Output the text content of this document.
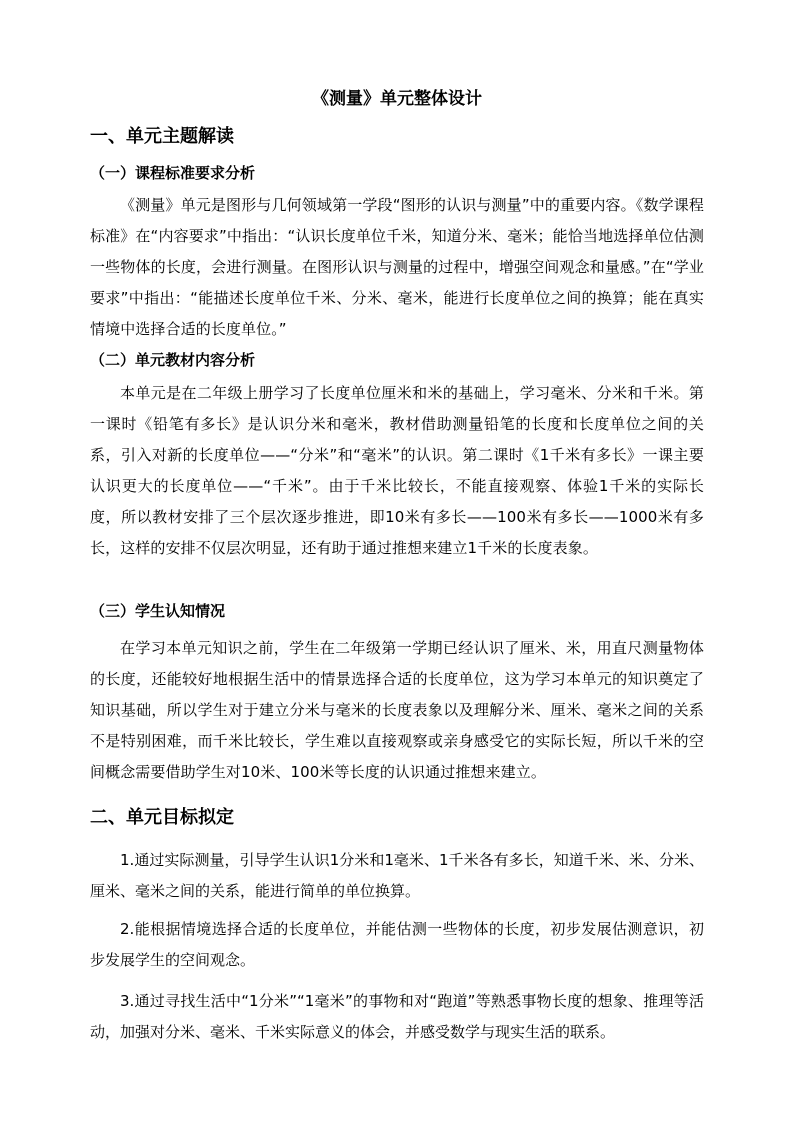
《测量》单元整体设计
一、单元主题解读
（一）课程标准要求分析
《测量》单元是图形与几何领域第一学段“图形的认识与测量”中的重要内容。《数学课程标准》在“内容要求”中指出：“认识长度单位千米，知道分米、毫米；能恰当地选择单位估测一些物体的长度，会进行测量。在图形认识与测量的过程中，增强空间观念和量感。”在“学业要求”中指出：“能描述长度单位千米、分米、毫米，能进行长度单位之间的换算；能在真实情境中选择合适的长度单位。”
（二）单元教材内容分析
本单元是在二年级上册学习了长度单位厘米和米的基础上，学习毫米、分米和千米。第一课时《铅笔有多长》是认识分米和毫米，教材借助测量铅笔的长度和长度单位之间的关系，引入对新的长度单位——“分米”和“毫米”的认识。第二课时《1千米有多长》一课主要认识更大的长度单位——“千米”。由于千米比较长，不能直接观察、体验1千米的实际长度，所以教材安排了三个层次逐步推进，即10米有多长——100米有多长——1000米有多长，这样的安排不仅层次明显，还有助于通过推想来建立1千米的长度表象。
（三）学生认知情况
在学习本单元知识之前，学生在二年级第一学期已经认识了厘米、米，用直尺测量物体的长度，还能较好地根据生活中的情景选择合适的长度单位，这为学习本单元的知识奠定了知识基础，所以学生对于建立分米与毫米的长度表象以及理解分米、厘米、毫米之间的关系不是特别困难，而千米比较长，学生难以直接观察或亲身感受它的实际长短，所以千米的空间概念需要借助学生对10米、100米等长度的认识通过推想来建立。
二、单元目标拟定
1.通过实际测量，引导学生认识1分米和1毫米、1千米各有多长，知道千米、米、分米、厘米、毫米之间的关系，能进行简单的单位换算。
2.能根据情境选择合适的长度单位，并能估测一些物体的长度，初步发展估测意识，初步发展学生的空间观念。
3.通过寻找生活中“1分米”“1毫米”的事物和对“跑道”等熟悉事物长度的想象、推理等活动，加强对分米、毫米、千米实际意义的体会，并感受数学与现实生活的联系。
